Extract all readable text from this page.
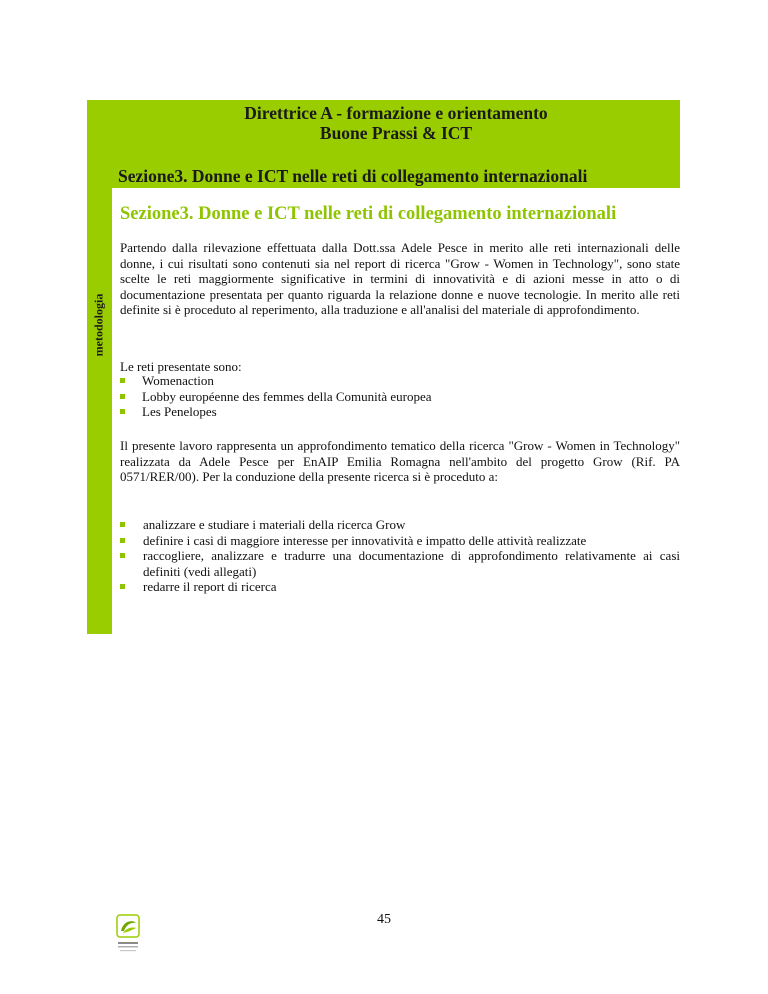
Direttrice A - formazione e orientamento
Buone Prassi & ICT
Sezione3. Donne e ICT nelle reti di collegamento internazionali
metodologia
Sezione3. Donne e ICT nelle reti di collegamento internazionali
Partendo dalla rilevazione effettuata dalla Dott.ssa Adele Pesce in merito alle reti internazionali delle donne, i cui risultati sono contenuti sia nel report di ricerca "Grow - Women in Technology", sono state scelte le reti maggiormente significative in termini di innovatività e di azioni messe in atto o di documentazione presentata per quanto riguarda la relazione donne e nuove tecnologie. In merito alle reti definite si è proceduto al reperimento, alla traduzione e all'analisi del materiale di approfondimento.
Le reti presentate sono:
Womenaction
Lobby européenne des femmes della Comunità europea
Les Penelopes
Il presente lavoro rappresenta un approfondimento tematico della ricerca "Grow - Women in Technology" realizzata da Adele Pesce per EnAIP Emilia Romagna nell'ambito del progetto Grow (Rif. PA 0571/RER/00). Per la conduzione della presente ricerca si è proceduto a:
analizzare e studiare i materiali della ricerca Grow
definire i casi di maggiore interesse per innovatività e impatto delle attività realizzate
raccogliere, analizzare e tradurre una documentazione di approfondimento relativamente ai casi definiti (vedi allegati)
redarre il report di ricerca
45
